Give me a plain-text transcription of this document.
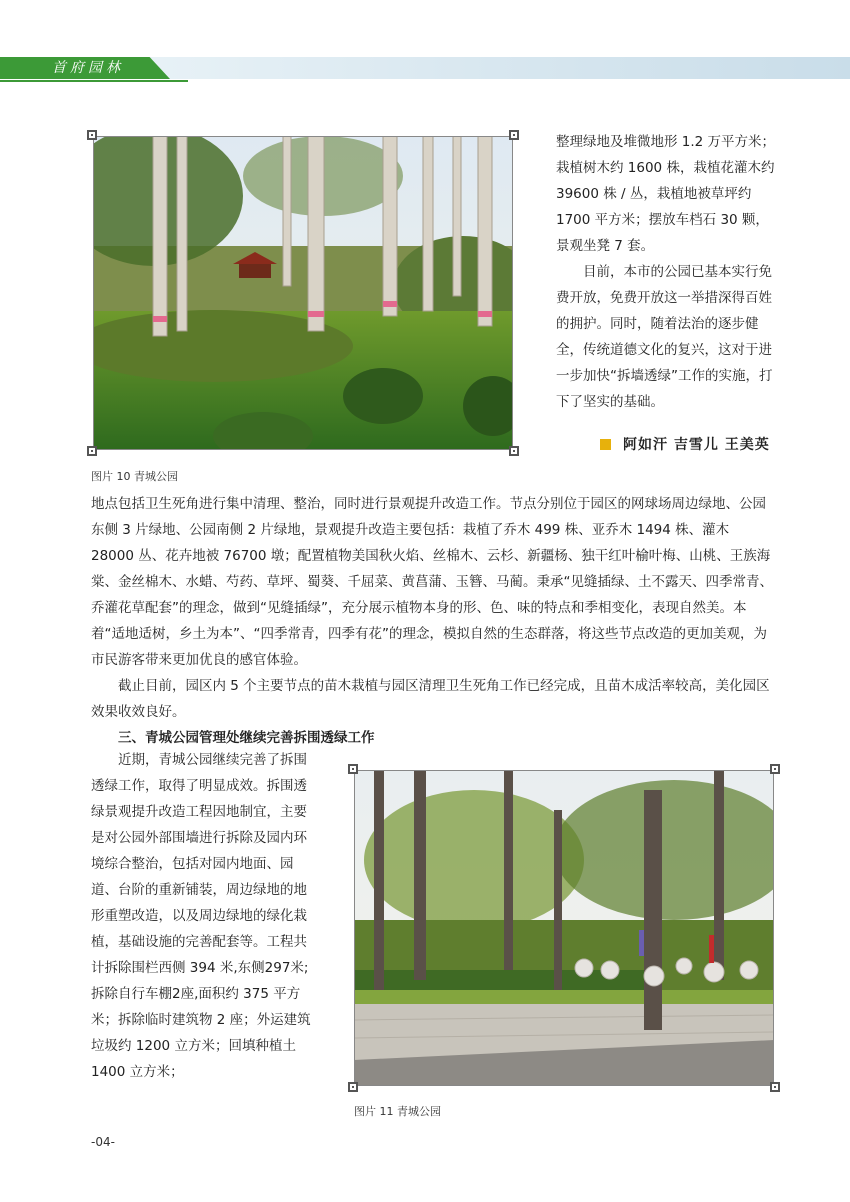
首府园林
图片 10 青城公园

整理绿地及堆微地形 1.2 万平方米；栽植树木约 1600 株，栽植花灌木约 39600 株 / 丛，栽植地被草坪约 1700 平方米；摆放车档石 30 颗，景观坐凳 7 套。

目前，本市的公园已基本实行免费开放，免费开放这一举措深得百姓的拥护。同时，随着法治的逐步健全，传统道德文化的复兴，这对于进一步加快“拆墙透绿”工作的实施，打下了坚实的基础。

阿如汗 吉雪儿 王美英

地点包括卫生死角进行集中清理、整治，同时进行景观提升改造工作。节点分别位于园区的网球场周边绿地、公园东侧 3 片绿地、公园南侧 2 片绿地，景观提升改造主要包括：栽植了乔木 499 株、亚乔木 1494 株、灌木 28000 丛、花卉地被 76700 墩；配置植物美国秋火焰、丝棉木、云杉、新疆杨、独干红叶榆叶梅、山桃、王族海棠、金丝棉木、水蜡、芍药、草坪、蜀葵、千屈菜、黄菖蒲、玉簪、马蔺。秉承“见缝插绿、土不露天、四季常青、乔灌花草配套”的理念，做到“见缝插绿”，充分展示植物本身的形、色、味的特点和季相变化，表现自然美。本着“适地适树，乡土为本”、“四季常青，四季有花”的理念，模拟自然的生态群落，将这些节点改造的更加美观，为市民游客带来更加优良的感官体验。

截止目前，园区内 5 个主要节点的苗木栽植与园区清理卫生死角工作已经完成，且苗木成活率较高，美化园区效果收效良好。

三、青城公园管理处继续完善拆围透绿工作

近期，青城公园继续完善了拆围透绿工作，取得了明显成效。拆围透绿景观提升改造工程因地制宜，主要是对公园外部围墙进行拆除及园内环境综合整治，包括对园内地面、园道、台阶的重新铺装，周边绿地的地形重塑改造，以及周边绿地的绿化栽植，基础设施的完善配套等。工程共计拆除围栏西侧 394 米,东侧297米; 拆除自行车棚2座,面积约 375 平方米；拆除临时建筑物 2 座；外运建筑垃圾约 1200 立方米；回填种植土 1400 立方米；

图片 11 青城公园
-04-
